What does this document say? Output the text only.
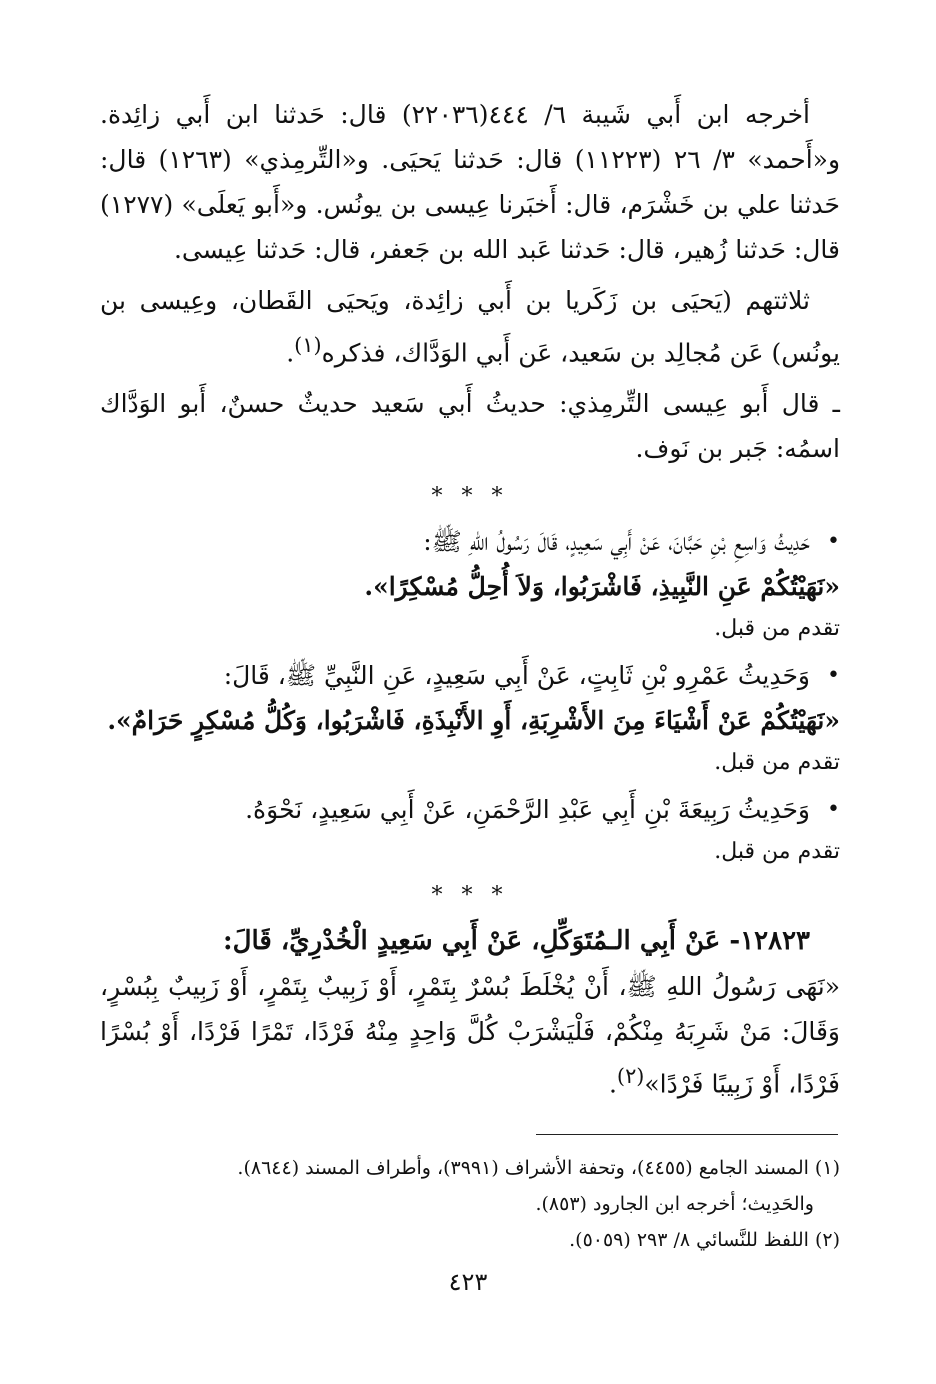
أخرجه ابن أَبي شَيبة ٦/ ٤٤٤(٢٢٠٣٦) قال: حَدثنا ابن أَبي زائِدة. و«أَحمد» ٣/ ٢٦ (١١٢٢٣) قال: حَدثنا يَحيَى. و«التِّرمِذي» (١٢٦٣) قال: حَدثنا علي بن خَشْرَم، قال: أَخبَرنا عِيسى بن يونُس. و«أَبو يَعلَى» (١٢٧٧) قال: حَدثنا زُهير، قال: حَدثنا عَبد الله بن جَعفر، قال: حَدثنا عِيسى.

ثلاثتهم (يَحيَى بن زَكَريا بن أَبي زائِدة، ويَحيَى القَطان، وعِيسى بن يونُس) عَن مُجالِد بن سَعيد، عَن أَبي الوَدَّاك، فذكره$^{(١)}$.

ـ قال أَبو عِيسى التِّرمِذي: حديثُ أَبي سَعيد حديثٌ حسنٌ، أَبو الوَدَّاك اسمُه: جَبر بن نَوف.

* * *

•
حَدِيثُ وَاسِعِ بْنِ حَبَّانَ، عَنْ أَبِي سَعِيدٍ، قَالَ رَسُولُ اللهِ ﷺ:

«نَهَيْتُكُمْ عَنِ النَّبِيذِ، فَاشْرَبُوا، وَلاَ أُحِلُّ مُسْكِرًا».

تقدم من قبل.

•
وَحَدِيثُ عَمْرِو بْنِ ثَابِتٍ، عَنْ أَبِي سَعِيدٍ، عَنِ النَّبِيِّ ﷺ، قَالَ:

«نَهَيْتُكُمْ عَنْ أَشْيَاءَ مِنَ الأَشْرِبَةِ، أَوِ الأَنْبِذَةِ، فَاشْرَبُوا، وَكُلُّ مُسْكِرٍ حَرَامٌ».

تقدم من قبل.

•
وَحَدِيثُ رَبِيعَةَ بْنِ أَبِي عَبْدِ الرَّحْمَنِ، عَنْ أَبِي سَعِيدٍ، نَحْوَهُ.

تقدم من قبل.

* * *

١٢٨٢٣- عَنْ أَبِي الـمُتَوَكِّلِ، عَنْ أَبِي سَعِيدٍ الْخُدْرِيِّ، قَالَ:

«نَهَى رَسُولُ اللهِ ﷺ، أَنْ يُخْلَطَ بُسْرٌ بِتَمْرٍ، أَوْ زَبِيبٌ بِتَمْرٍ، أَوْ زَبِيبٌ بِبُسْرٍ، وَقَالَ: مَنْ شَرِبَهُ مِنْكُمْ، فَلْيَشْرَبْ كُلَّ وَاحِدٍ مِنْهُ فَرْدًا، تَمْرًا فَرْدًا، أَوْ بُسْرًا فَرْدًا، أَوْ زَبِيبًا فَرْدًا»$^{(٢)}$.

(١) المسند الجامع (٤٤٥٥)، وتحفة الأشراف (٣٩٩١)، وأطراف المسند (٨٦٤٤).

والحَدِيث؛ أخرجه ابن الجارود (٨٥٣).

(٢) اللفظ للنَّسائي ٨/ ٢٩٣ (٥٠٥٩).

٤٢٣
